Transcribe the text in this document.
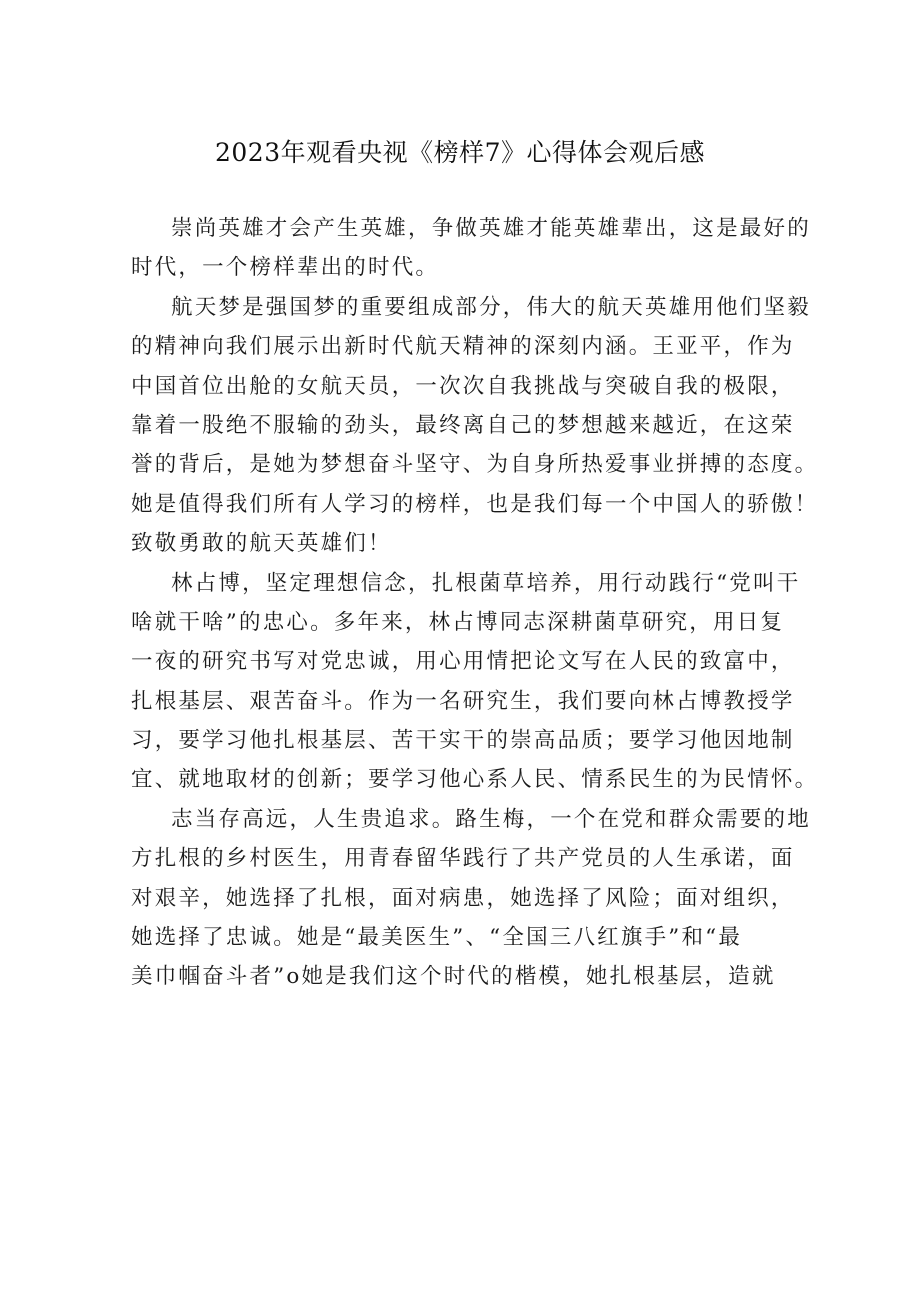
2023年观看央视《榜样7》心得体会观后感
崇尚英雄才会产生英雄，争做英雄才能英雄辈出，这是最好的
时代，一个榜样辈出的时代。
航天梦是强国梦的重要组成部分，伟大的航天英雄用他们坚毅
的精神向我们展示出新时代航天精神的深刻内涵。王亚平，作为
中国首位出舱的女航天员，一次次自我挑战与突破自我的极限，
靠着一股绝不服输的劲头，最终离自己的梦想越来越近，在这荣
誉的背后，是她为梦想奋斗坚守、为自身所热爱事业拼搏的态度。
她是值得我们所有人学习的榜样，也是我们每一个中国人的骄傲！
致敬勇敢的航天英雄们！
林占博，坚定理想信念，扎根菌草培养，用行动践行“党叫干
啥就干啥”的忠心。多年来，林占博同志深耕菌草研究，用日复
一夜的研究书写对党忠诚，用心用情把论文写在人民的致富中，
扎根基层、艰苦奋斗。作为一名研究生，我们要向林占博教授学
习，要学习他扎根基层、苦干实干的崇高品质；要学习他因地制
宜、就地取材的创新；要学习他心系人民、情系民生的为民情怀。
志当存高远，人生贵追求。路生梅，一个在党和群众需要的地
方扎根的乡村医生，用青春留华践行了共产党员的人生承诺，面
对艰辛，她选择了扎根，面对病患，她选择了风险；面对组织，
她选择了忠诚。她是“最美医生”、“全国三八红旗手”和“最
美巾帼奋斗者”o她是我们这个时代的楷模，她扎根基层，造就
